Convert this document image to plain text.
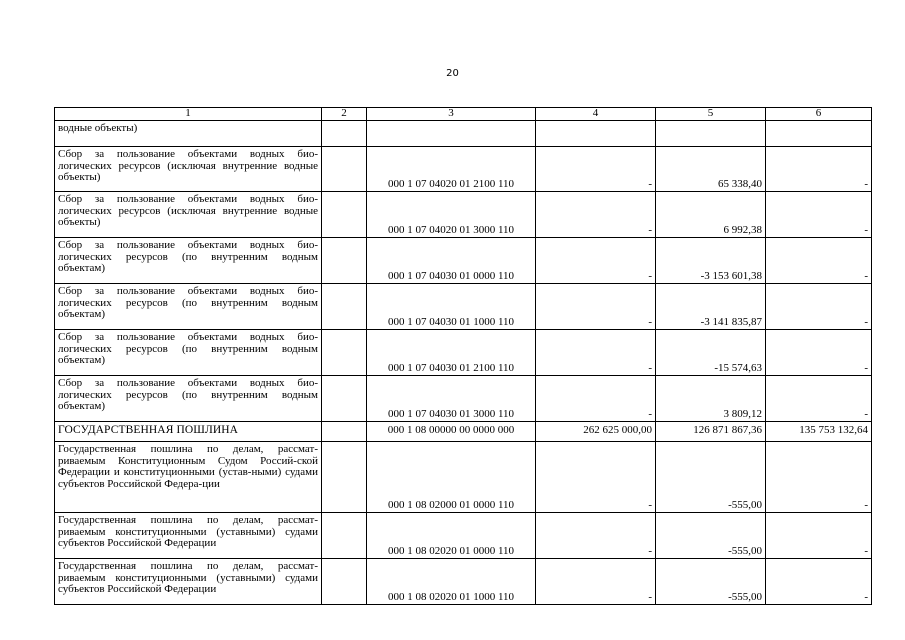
20
1	2	3	4	5	6
водные объекты)					
Сбор за пользование объектами водных био-логических ресурсов (исключая внутренние водные объекты)		000 1 07 04020 01 2100 110	-	65 338,40	-
Сбор за пользование объектами водных био-логических ресурсов (исключая внутренние водные объекты)		000 1 07 04020 01 3000 110	-	6 992,38	-
Сбор за пользование объектами водных био-логических ресурсов (по внутренним водным объектам)		000 1 07 04030 01 0000 110	-	-3 153 601,38	-
Сбор за пользование объектами водных био-логических ресурсов (по внутренним водным объектам)		000 1 07 04030 01 1000 110	-	-3 141 835,87	-
Сбор за пользование объектами водных био-логических ресурсов (по внутренним водным объектам)		000 1 07 04030 01 2100 110	-	-15 574,63	-
Сбор за пользование объектами водных био-логических ресурсов (по внутренним водным объектам)		000 1 07 04030 01 3000 110	-	3 809,12	-
ГОСУДАРСТВЕННАЯ ПОШЛИНА		000 1 08 00000 00 0000 000	262 625 000,00	126 871 867,36	135 753 132,64
Государственная пошлина по делам, рассмат-риваемым Конституционным Судом Россий-ской Федерации и конституционными (устав-ными) судами субъектов Российской Федера-ции		000 1 08 02000 01 0000 110	-	-555,00	-
Государственная пошлина по делам, рассмат-риваемым конституционными (уставными) судами субъектов Российской Федерации		000 1 08 02020 01 0000 110	-	-555,00	-
Государственная пошлина по делам, рассмат-риваемым конституционными (уставными) судами субъектов Российской Федерации		000 1 08 02020 01 1000 110	-	-555,00	-
